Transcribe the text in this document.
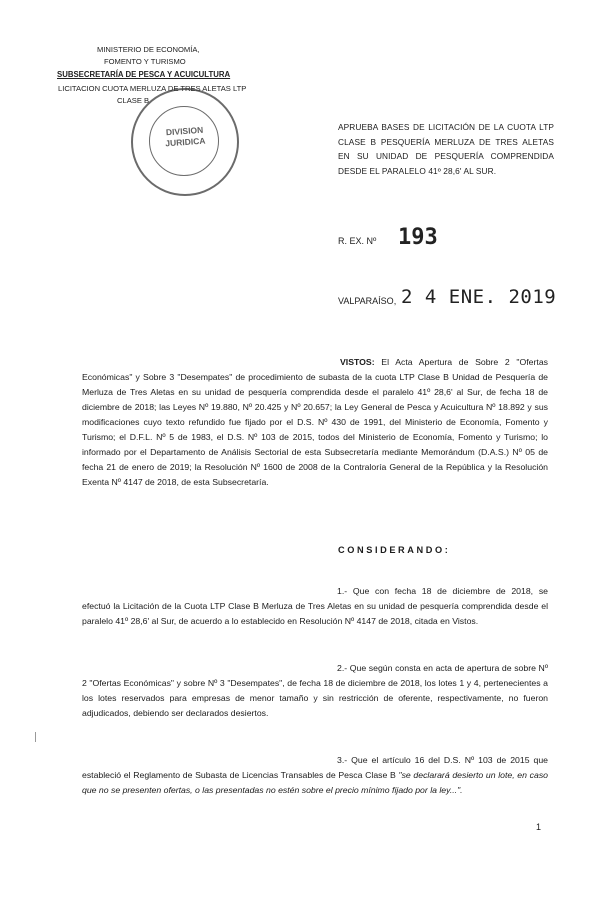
MINISTERIO DE ECONOMÍA,
FOMENTO Y TURISMO
SUBSECRETARÍA DE PESCA Y ACUICULTURA
LICITACION CUOTA MERLUZA DE TRES ALETAS LTP
CLASE B
DIVISION
JURIDICA
APRUEBA BASES DE LICITACIÓN DE LA CUOTA LTP CLASE B PESQUERÍA MERLUZA DE TRES ALETAS EN SU UNIDAD DE PESQUERÍA COMPRENDIDA DESDE EL PARALELO 41º 28,6' AL SUR.
R. EX. Nº 193
VALPARAÍSO, 2 4 ENE. 2019
VISTOS: El Acta Apertura de Sobre 2 "Ofertas Económicas" y Sobre 3 "Desempates" de procedimiento de subasta de la cuota LTP Clase B Unidad de Pesquería de Merluza de Tres Aletas en su unidad de pesquería comprendida desde el paralelo 41º 28,6' al Sur, de fecha 18 de diciembre de 2018; las Leyes Nº 19.880, Nº 20.425 y Nº 20.657; la Ley General de Pesca y Acuicultura Nº 18.892 y sus modificaciones cuyo texto refundido fue fijado por el D.S. Nº 430 de 1991, del Ministerio de Economía, Fomento y Turismo; el D.F.L. Nº 5 de 1983, el D.S. Nº 103 de 2015, todos del Ministerio de Economía, Fomento y Turismo; lo informado por el Departamento de Análisis Sectorial de esta Subsecretaría mediante Memorándum (D.A.S.) Nº 05 de fecha 21 de enero de 2019; la Resolución Nº 1600 de 2008 de la Contraloría General de la República y la Resolución Exenta Nº 4147 de 2018, de esta Subsecretaría.
CONSIDERANDO:
1.- Que con fecha 18 de diciembre de 2018, se efectuó la Licitación de la Cuota LTP Clase B Merluza de Tres Aletas en su unidad de pesquería comprendida desde el paralelo 41º 28,6' al Sur, de acuerdo a lo establecido en Resolución Nº 4147 de 2018, citada en Vistos.
2.- Que según consta en acta de apertura de sobre Nº 2 "Ofertas Económicas" y sobre Nº 3 "Desempates", de fecha 18 de diciembre de 2018, los lotes 1 y 4, pertenecientes a los lotes reservados para empresas de menor tamaño y sin restricción de oferente, respectivamente, no fueron adjudicados, debiendo ser declarados desiertos.
3.- Que el artículo 16 del D.S. Nº 103 de 2015 que estableció el Reglamento de Subasta de Licencias Transables de Pesca Clase B "se declarará desierto un lote, en caso que no se presenten ofertas, o las presentadas no estén sobre el precio mínimo fijado por la ley...".
1
